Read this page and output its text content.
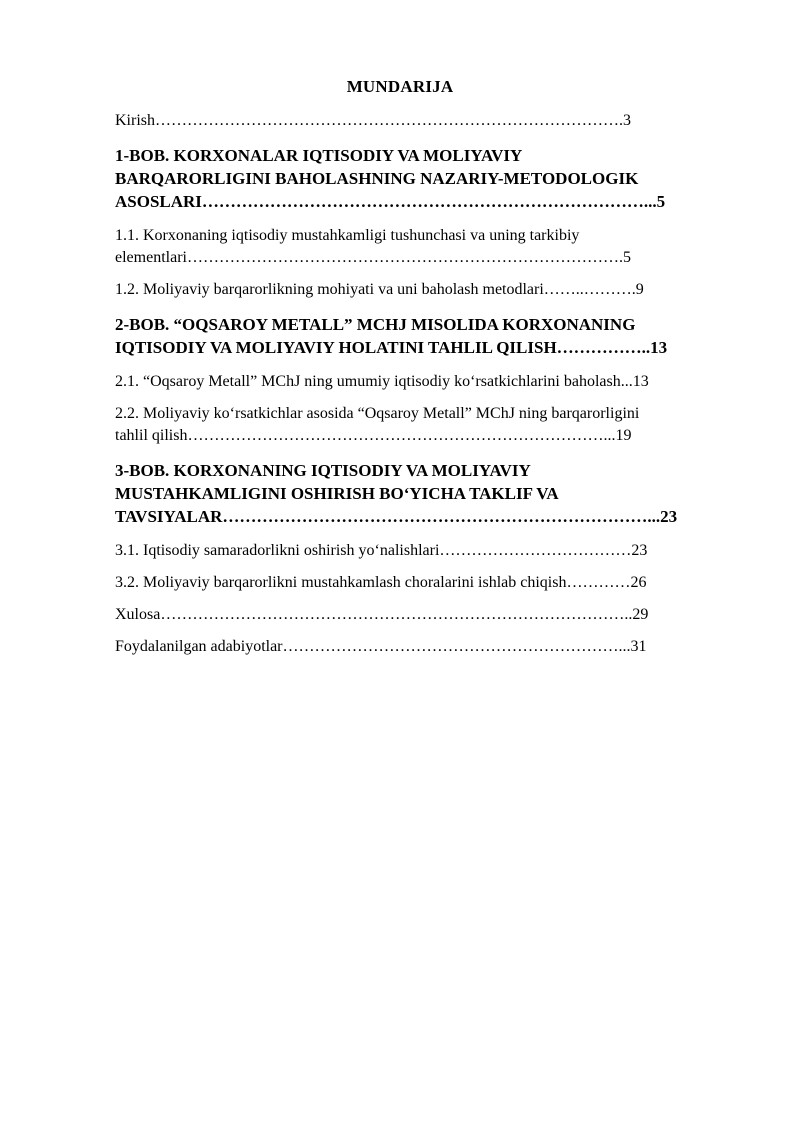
MUNDARIJA
Kirish…………………………………………………………………………….3
1-BOB. KORXONALAR IQTISODIY VA MOLIYAVIY
BARQARORLIGINI BAHOLASHNING NAZARIY-METODOLOGIK
ASOSLARI……………………………………………………………………...5
1.1. Korxonaning iqtisodiy mustahkamligi tushunchasi va uning tarkibiy
elementlari……………………………………………………………………….5
1.2. Moliyaviy barqarorlikning mohiyati va uni baholash metodlari……..……….9
2-BOB. “OQSAROY METALL” MCHJ MISOLIDA KORXONANING
IQTISODIY VA MOLIYAVIY HOLATINI TAHLIL QILISH……………..13
2.1. “Oqsaroy Metall” MChJ ning umumiy iqtisodiy ko‘rsatkichlarini baholash...13
2.2. Moliyaviy ko‘rsatkichlar asosida “Oqsaroy Metall” MChJ ning barqarorligini
tahlil qilish……………………………………………………………………...19
3-BOB. KORXONANING IQTISODIY VA MOLIYAVIY
MUSTAHKAMLIGINI OSHIRISH BO‘YICHA TAKLIF VA
TAVSIYALAR…………………………………………………………………...23
3.1. Iqtisodiy samaradorlikni oshirish yo‘nalishlari………………………………23
3.2. Moliyaviy barqarorlikni mustahkamlash choralarini ishlab chiqish…………26
Xulosa……………………………………………………………………………..29
Foydalanilgan adabiyotlar………………………………………………………...31
